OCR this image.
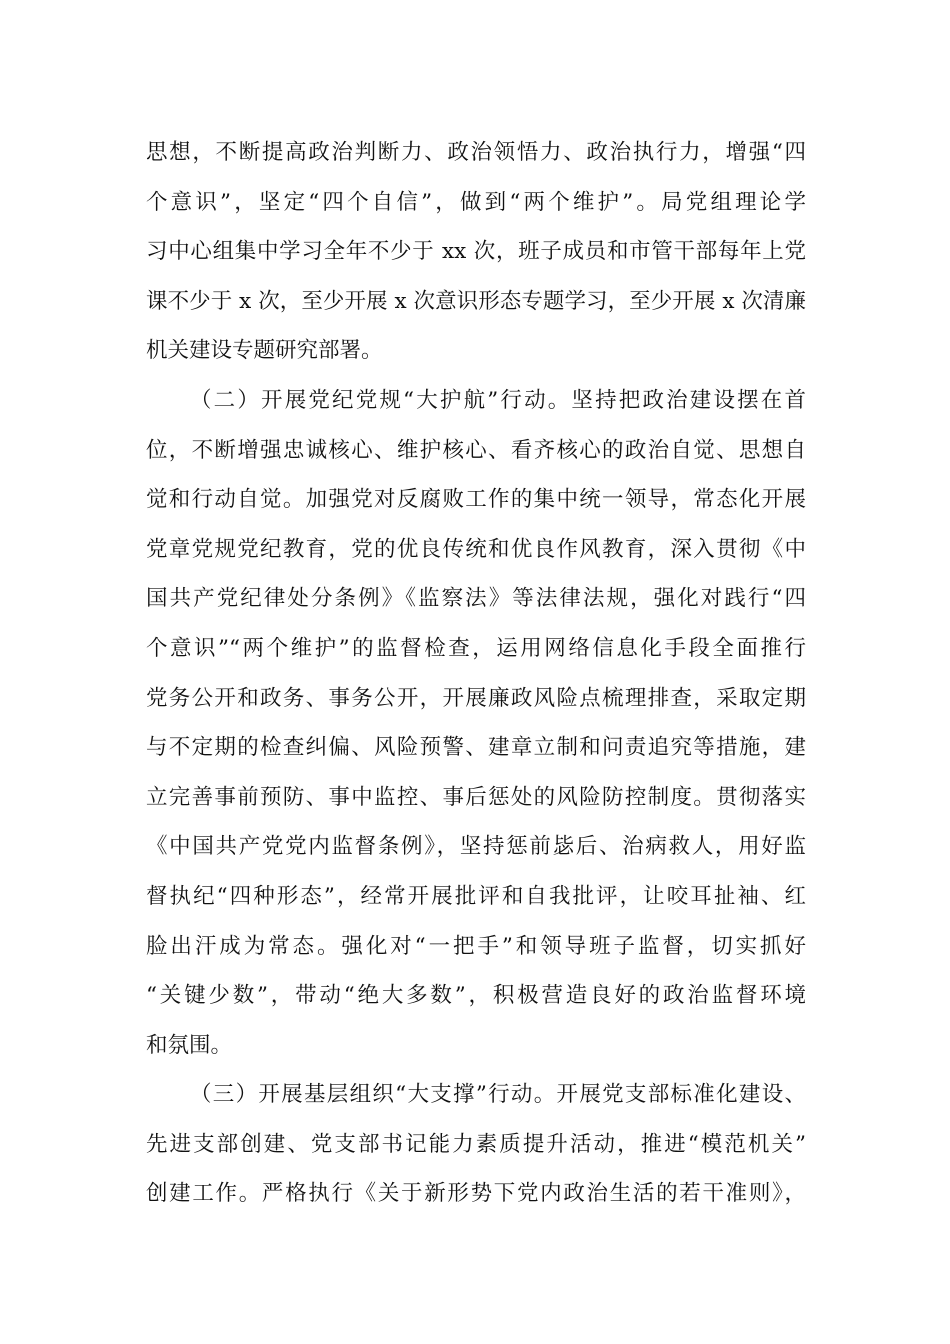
思想，不断提高政治判断力、政治领悟力、政治执行力，增强“四
个意识”，坚定“四个自信”，做到“两个维护”。局党组理论学
习中心组集中学习全年不少于 xx 次，班子成员和市管干部每年上党
课不少于 x 次，至少开展 x 次意识形态专题学习，至少开展 x 次清廉
机关建设专题研究部署。
（二）开展党纪党规“大护航”行动。坚持把政治建设摆在首
位，不断增强忠诚核心、维护核心、看齐核心的政治自觉、思想自
觉和行动自觉。加强党对反腐败工作的集中统一领导，常态化开展
党章党规党纪教育，党的优良传统和优良作风教育，深入贯彻《中
国共产党纪律处分条例》《监察法》等法律法规，强化对践行“四
个意识”“两个维护”的监督检查，运用网络信息化手段全面推行
党务公开和政务、事务公开，开展廉政风险点梳理排查，采取定期
与不定期的检查纠偏、风险预警、建章立制和问责追究等措施，建
立完善事前预防、事中监控、事后惩处的风险防控制度。贯彻落实
《中国共产党党内监督条例》，坚持惩前毖后、治病救人，用好监
督执纪“四种形态”，经常开展批评和自我批评，让咬耳扯袖、红
脸出汗成为常态。强化对“一把手”和领导班子监督，切实抓好
“关键少数”，带动“绝大多数”，积极营造良好的政治监督环境
和氛围。
（三）开展基层组织“大支撑”行动。开展党支部标准化建设、
先进支部创建、党支部书记能力素质提升活动，推进“模范机关”
创建工作。严格执行《关于新形势下党内政治生活的若干准则》，
